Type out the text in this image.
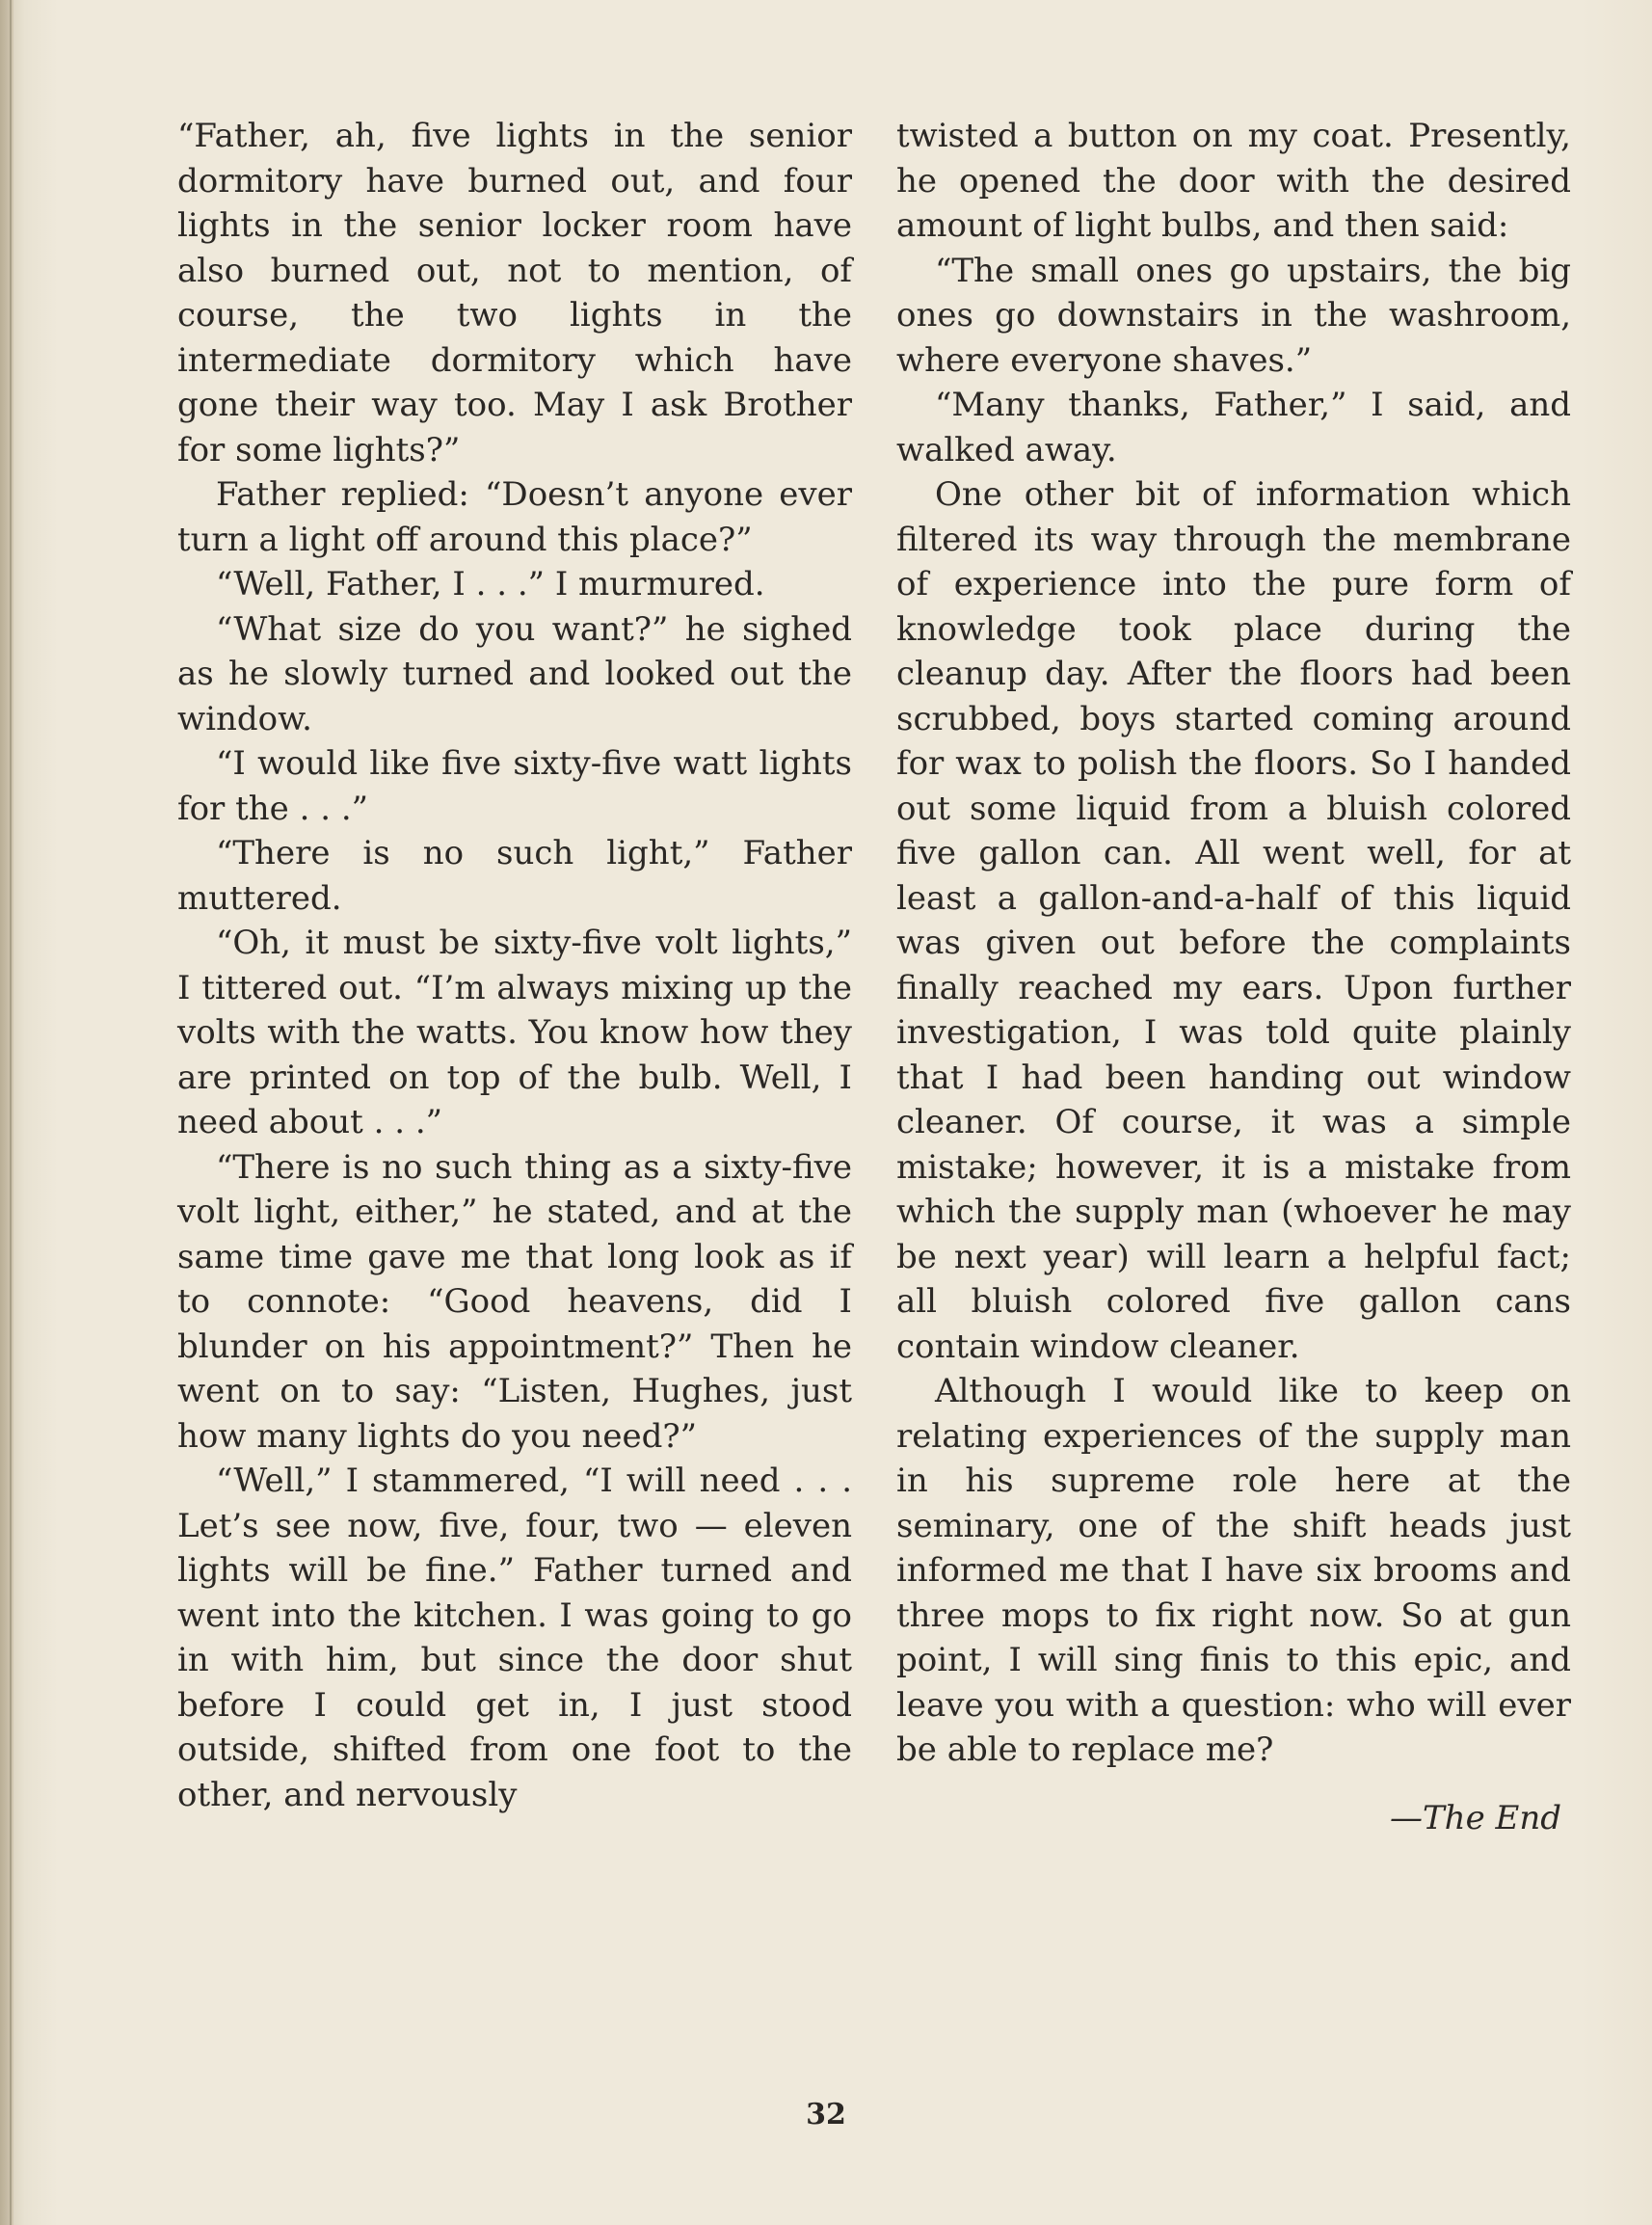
“Father, ah, five lights in the senior dormitory have burned out, and four lights in the senior locker room have also burned out, not to mention, of course, the two lights in the intermediate dormitory which have gone their way too. May I ask Brother for some lights?”

Father replied: “Doesn’t anyone ever turn a light off around this place?”

“Well, Father, I . . .” I murmured.

“What size do you want?” he sighed as he slowly turned and looked out the window.

“I would like five sixty-five watt lights for the . . .”

“There is no such light,” Father muttered.

“Oh, it must be sixty-five volt lights,” I tittered out. “I’m always mixing up the volts with the watts. You know how they are printed on top of the bulb. Well, I need about . . .”

“There is no such thing as a sixty-five volt light, either,” he stated, and at the same time gave me that long look as if to connote: “Good heavens, did I blunder on his appointment?” Then he went on to say: “Listen, Hughes, just how many lights do you need?”

“Well,” I stammered, “I will need . . . Let’s see now, five, four, two — eleven lights will be fine.” Father turned and went into the kitchen. I was going to go in with him, but since the door shut before I could get in, I just stood outside, shifted from one foot to the other, and nervously

twisted a button on my coat. Presently, he opened the door with the desired amount of light bulbs, and then said:

“The small ones go upstairs, the big ones go downstairs in the washroom, where everyone shaves.”

“Many thanks, Father,” I said, and walked away.

One other bit of information which filtered its way through the membrane of experience into the pure form of knowledge took place during the cleanup day. After the floors had been scrubbed, boys started coming around for wax to polish the floors. So I handed out some liquid from a bluish colored five gallon can. All went well, for at least a gallon-and-a-half of this liquid was given out before the complaints finally reached my ears. Upon further investigation, I was told quite plainly that I had been handing out window cleaner. Of course, it was a simple mistake; however, it is a mistake from which the supply man (whoever he may be next year) will learn a helpful fact; all bluish colored five gallon cans contain window cleaner.

Although I would like to keep on relating experiences of the supply man in his supreme role here at the seminary, one of the shift heads just informed me that I have six brooms and three mops to fix right now. So at gun point, I will sing finis to this epic, and leave you with a question: who will ever be able to replace me?

—The End

32
